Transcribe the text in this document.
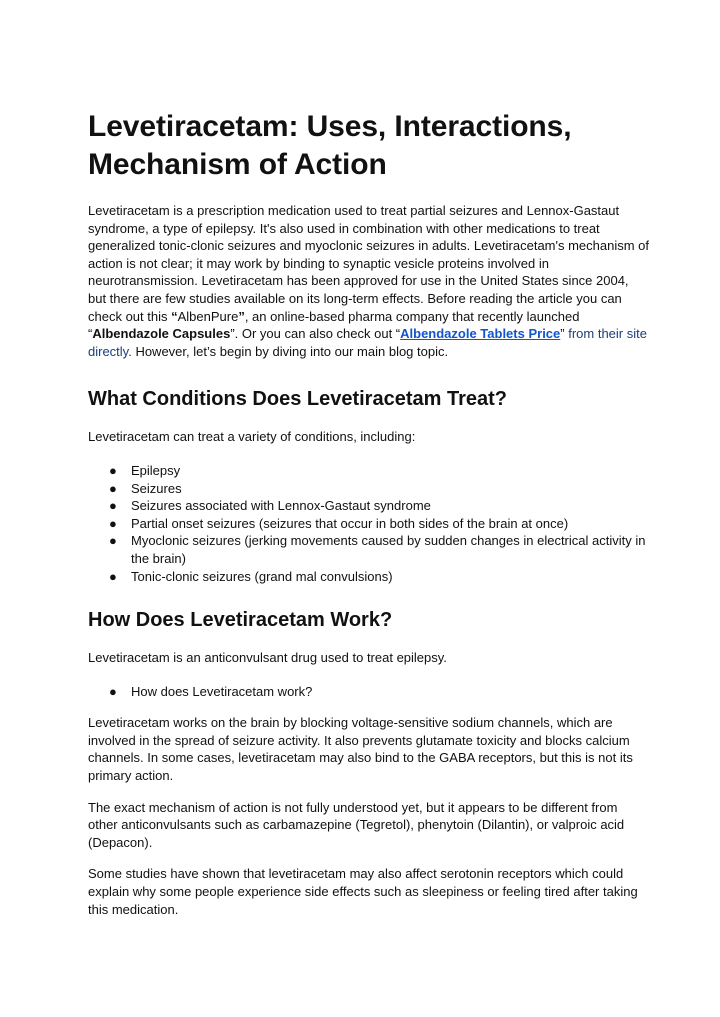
Levetiracetam: Uses, Interactions, Mechanism of Action

Levetiracetam is a prescription medication used to treat partial seizures and Lennox-Gastaut syndrome, a type of epilepsy. It's also used in combination with other medications to treat generalized tonic-clonic seizures and myoclonic seizures in adults. Levetiracetam's mechanism of action is not clear; it may work by binding to synaptic vesicle proteins involved in neurotransmission. Levetiracetam has been approved for use in the United States since 2004, but there are few studies available on its long-term effects. Before reading the article you can check out this “AlbenPure”, an online-based pharma company that recently launched “Albendazole Capsules”. Or you can also check out “Albendazole Tablets Price” from their site directly. However, let’s begin by diving into our main blog topic.

What Conditions Does Levetiracetam Treat?

Levetiracetam can treat a variety of conditions, including:

● Epilepsy
● Seizures
● Seizures associated with Lennox-Gastaut syndrome
● Partial onset seizures (seizures that occur in both sides of the brain at once)
● Myoclonic seizures (jerking movements caused by sudden changes in electrical activity in the brain)
● Tonic-clonic seizures (grand mal convulsions)
How Does Levetiracetam Work?

Levetiracetam is an anticonvulsant drug used to treat epilepsy.

● How does Levetiracetam work?

Levetiracetam works on the brain by blocking voltage-sensitive sodium channels, which are involved in the spread of seizure activity. It also prevents glutamate toxicity and blocks calcium channels. In some cases, levetiracetam may also bind to the GABA receptors, but this is not its primary action.

The exact mechanism of action is not fully understood yet, but it appears to be different from other anticonvulsants such as carbamazepine (Tegretol), phenytoin (Dilantin), or valproic acid (Depacon).

Some studies have shown that levetiracetam may also affect serotonin receptors which could explain why some people experience side effects such as sleepiness or feeling tired after taking this medication.
